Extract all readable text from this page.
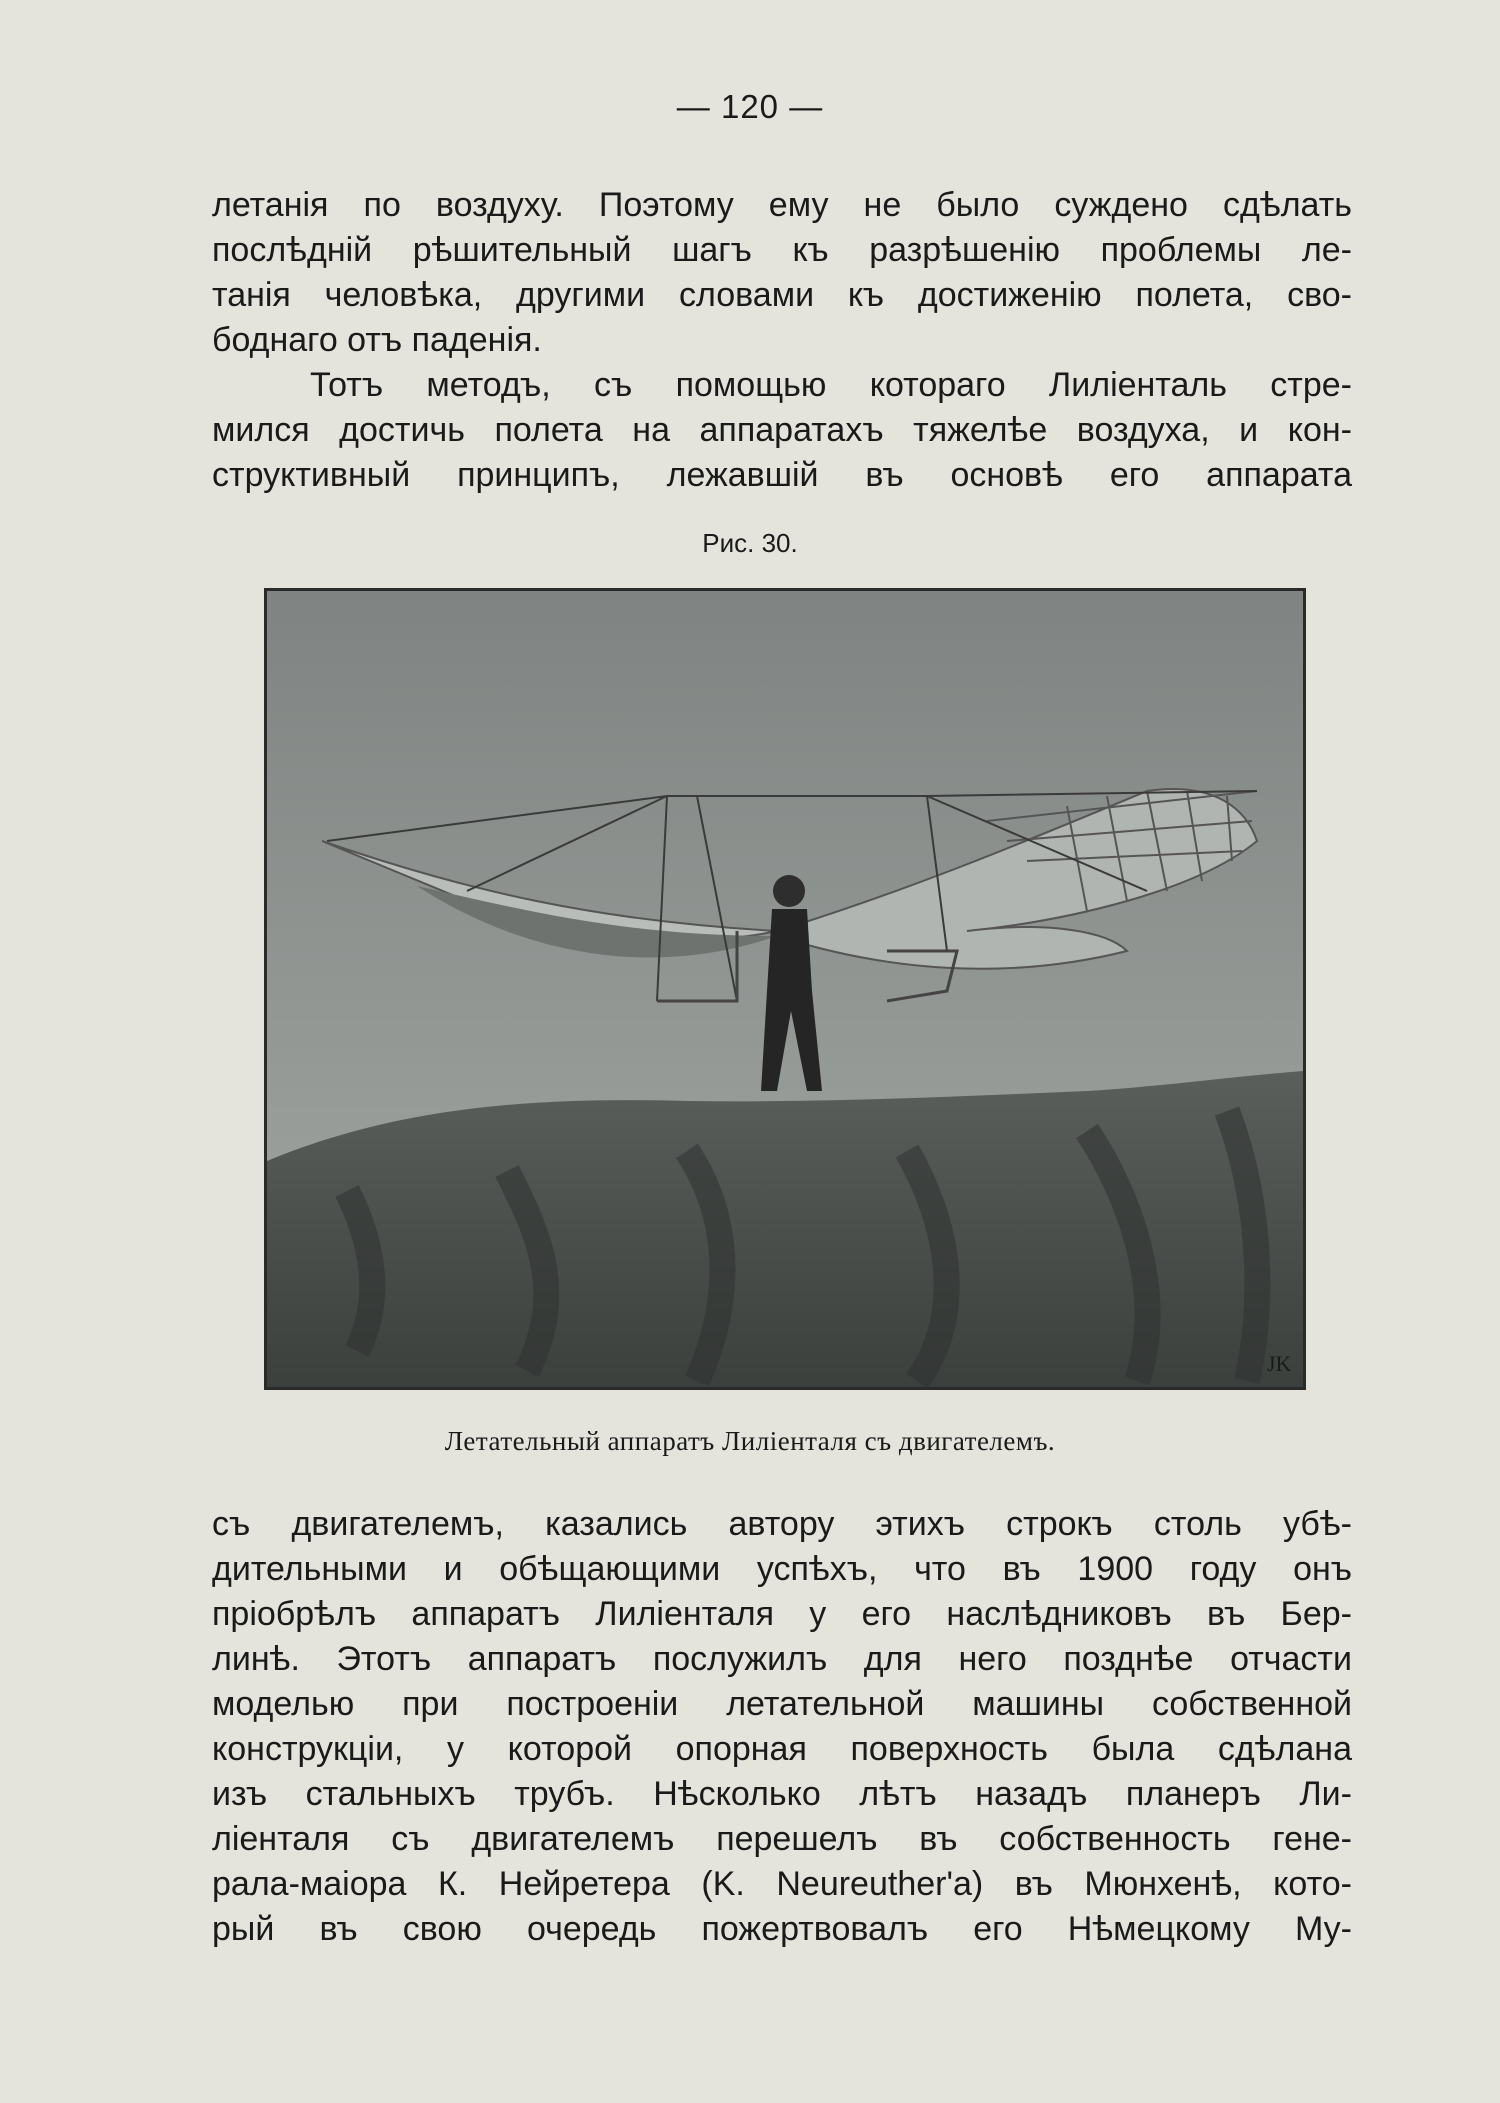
— 120 —
летанія по воздуху. Поэтому ему не было суждено сдѣлать
послѣдній рѣшительный шагъ къ разрѣшенію проблемы ле-
танія человѣка, другими словами къ достиженію полета, сво-
боднаго отъ паденія.
Тотъ методъ, съ помощью котораго Лилiенталь стре-
мился достичь полета на аппаратахъ тяжелѣе воздуха, и кон-
структивный принципъ, лежавшій въ основѣ его аппарата
Рис. 30.
JK
Летательный аппаратъ Лилiенталя съ двигателемъ.
съ двигателемъ, казались автору этихъ строкъ столь убѣ-
дительными и обѣщающими успѣхъ, что въ 1900 году онъ
пріобрѣлъ аппаратъ Лилiенталя у его наслѣдниковъ въ Бер-
линѣ. Этотъ аппаратъ послужилъ для него позднѣе отчасти
моделью при построеніи летательной машины собственной
конструкціи, у которой опорная поверхность была сдѣлана
изъ стальныхъ трубъ. Нѣсколько лѣтъ назадъ планеръ Ли-
лiенталя съ двигателемъ перешелъ въ собственность гене-
рала-маіора К. Нейретера (K. Neureuther'а) въ Мюнхенѣ, кото-
рый въ свою очередь пожертвовалъ его Нѣмецкому Му-
